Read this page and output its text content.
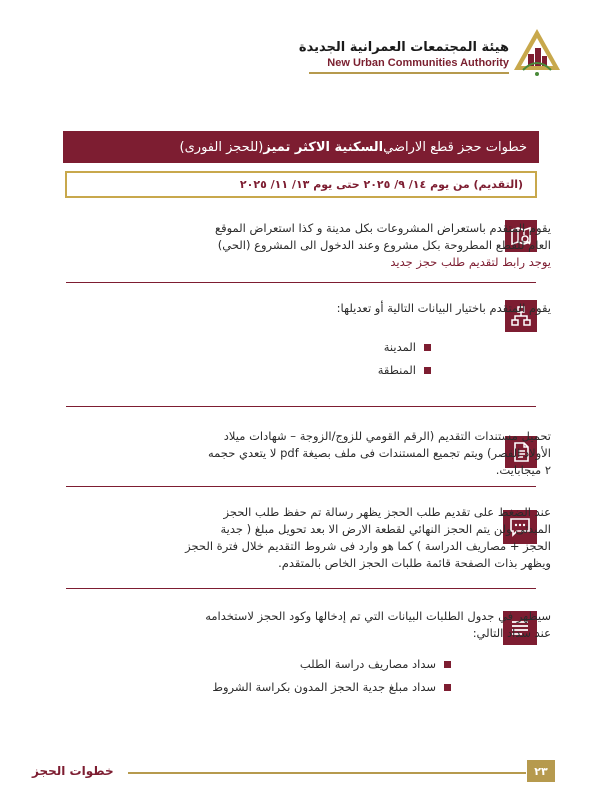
هيئة المجتمعات العمرانية الجديدة
New Urban Communities Authority
خطوات حجز قطع الاراضي
السكنية الاكثر تميز
(للحجز الفورى)
(التقديم) من يوم ١٤/ ٩/ ٢٠٢٥ حتى يوم ١٣/ ١١/ ٢٠٢٥
يقوم المتقدم باستعراض المشروعات بكل مدينة و كذا استعراض الموقع
العام للقطع المطروحة بكل مشروع وعند الدخول الى المشروع (الحي)
يوجد رابط لتقديم طلب حجز جديد
يقوم المتقدم باختيار البيانات التالية أو تعديلها:
المدينة
المنطقة
تحميل مستندات التقديم (الرقم القومي للزوج/الزوجة – شهادات ميلاد
الأولاد القصر) ويتم تجميع المستندات فى ملف بصيغة pdf لا يتعدي حجمه
٢ ميجابايت.
عند الضغط على تقديم طلب الحجز يظهر رسالة تم حفظ طلب الحجز
المبدئى ولن يتم الحجز النهائي لقطعة الارض الا بعد تحويل مبلغ ( جدية
الحجز + مصاريف الدراسة ) كما هو وارد فى شروط التقديم خلال فترة الحجز
ويظهر بذات الصفحة قائمة طلبات الحجز الخاص بالمتقدم.
سيظهر في جدول الطلبات البيانات التي تم إدخالها وكود الحجز لاستخدامه
عند سداد التالي:
سداد مصاريف دراسة الطلب
سداد مبلغ جدية الحجز المدون بكراسة الشروط
خطوات الحجز	٢٣
